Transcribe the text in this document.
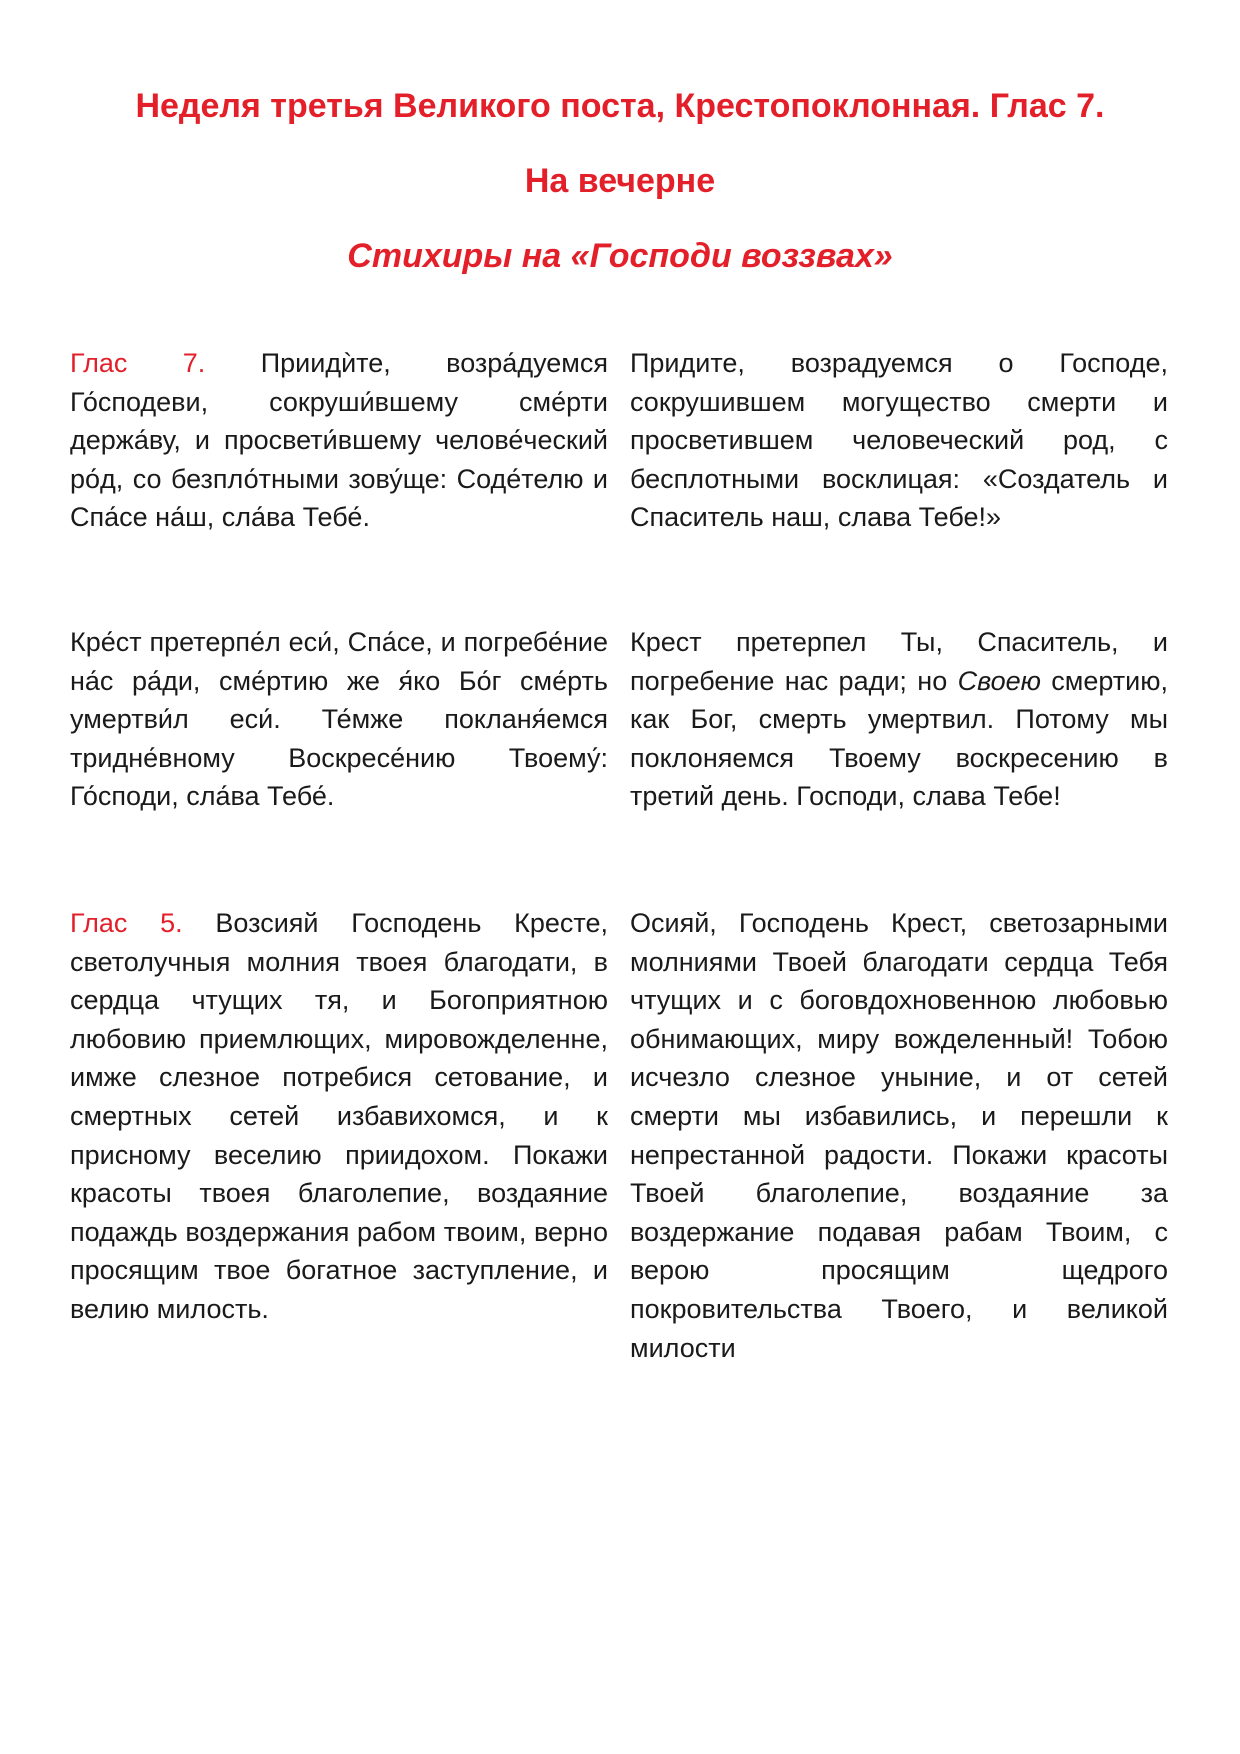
Неделя третья Великого поста, Крестопоклонная. Глас 7.
На вечерне
Стихиры на «Господи воззвах»

Глас 7. Приидѝте, возра́дуемся Го́сподеви, сокруши́вшему сме́рти держа́ву, и просвети́вшему челове́ческий ро́д, со безпло́тными зову́ще: Соде́телю и Спа́се на́ш, сла́ва Тебе́.

Придите, возрадуемся о Господе, сокрушившем могущество смерти и просветившем человеческий род, с бесплотными восклицая: «Создатель и Спаситель наш, слава Тебе!»

Кре́ст претерпе́л еси́, Спа́се, и погребе́ние на́с ра́ди, сме́ртию же я́ко Бо́г сме́рть умертви́л еси́. Те́мже покланя́емся тридне́вному Воскресе́нию Твоему́: Го́споди, сла́ва Тебе́.

Крест претерпел Ты, Спаситель, и погребение нас ради; но Своею смертию, как Бог, смерть умертвил. Потому мы поклоняемся Твоему воскресению в третий день. Господи, слава Тебе!

Глас 5. Возсияй Господень Кресте, светолучныя молния твоея благодати, в сердца чтущих тя, и Богоприятною любовию приемлющих, мировожделенне, имже слезное потребися сетование, и смертных сетей избавихомся, и к присному веселию приидохом. Покажи красоты твоея благолепие, воздаяние подаждь воздержания рабом твоим, верно просящим твое богатное заступление, и велию милость.

Осияй, Господень Крест, светозарными молниями Твоей благодати сердца Тебя чтущих и с боговдохновенною любовью обнимающих, миру вожделенный! Тобою исчезло слезное уныние, и от сетей смерти мы избавились, и перешли к непрестанной радости. Покажи красоты Твоей благолепие, воздаяние за воздержание подавая рабам Твоим, с верою просящим щедрого покровительства Твоего, и великой милости
